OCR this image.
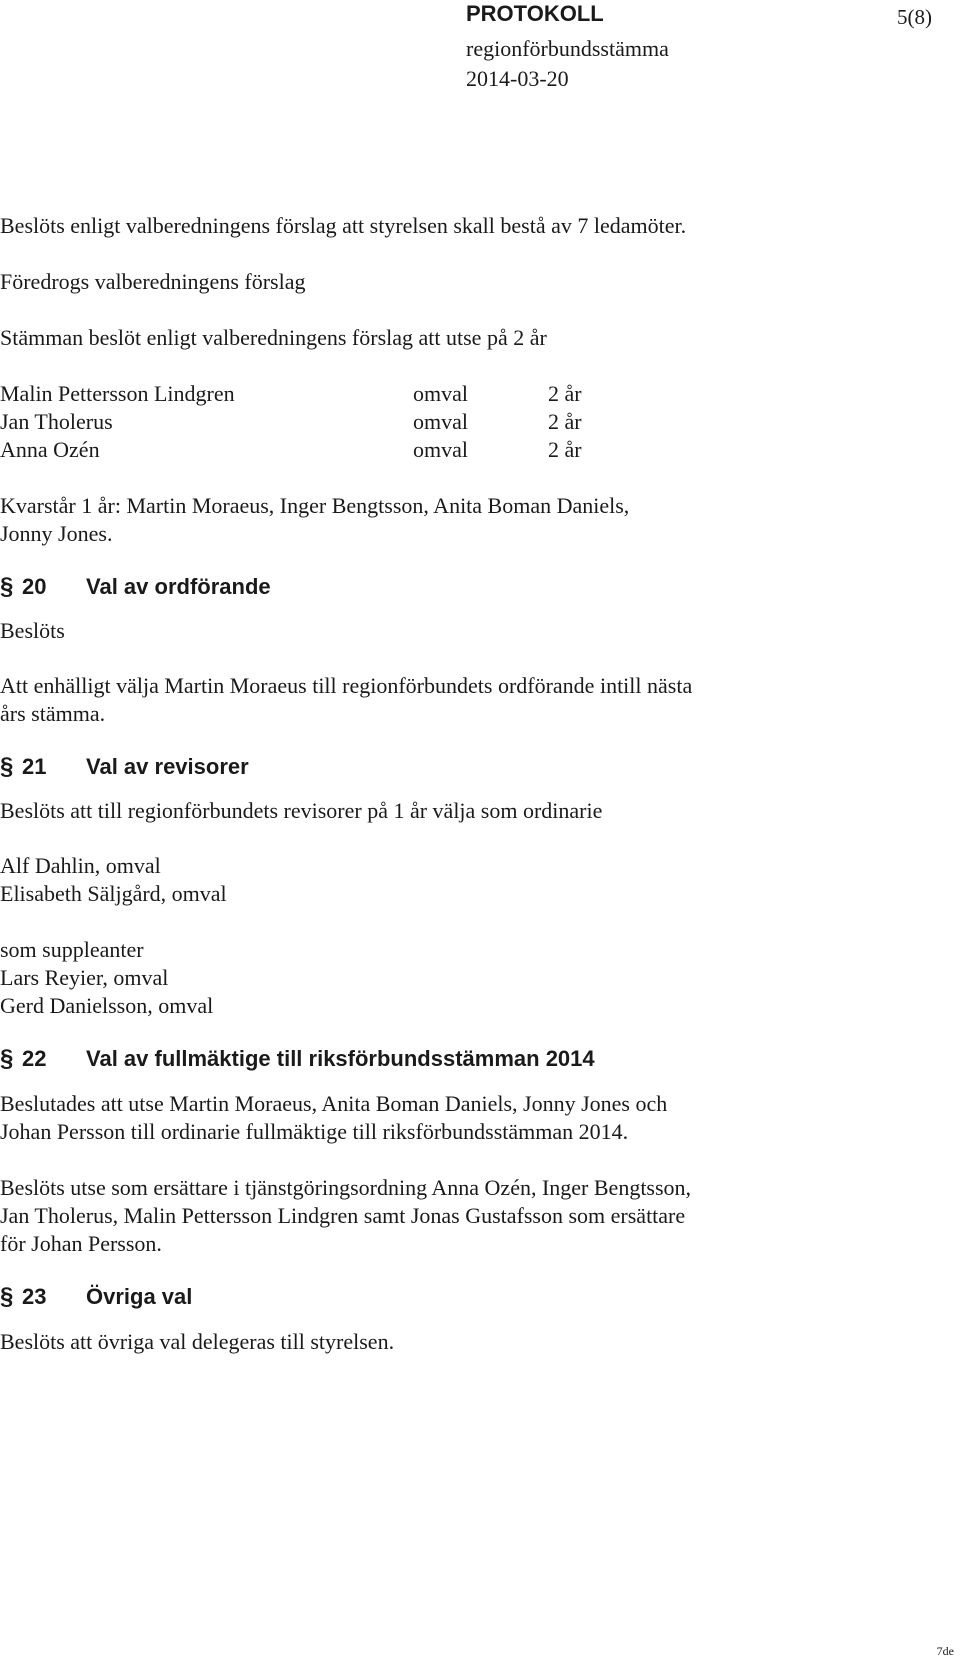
PROTOKOLL	5(8)
regionförbundsstämma
2014-03-20
Beslöts enligt valberedningens förslag att styrelsen skall bestå av 7 ledamöter.
Föredrogs valberedningens förslag
Stämman beslöt enligt valberedningens förslag att utse på 2 år
Malin Pettersson Lindgren	omval	2 år
Jan Tholerus	omval	2 år
Anna Ozén	omval	2 år
Kvarstår 1 år: Martin Moraeus, Inger Bengtsson, Anita Boman Daniels,
Jonny Jones.
§ 20 Val av ordförande
Beslöts
Att enhälligt välja Martin Moraeus till regionförbundets ordförande intill nästa
års stämma.
§ 21 Val av revisorer
Beslöts att till regionförbundets revisorer på 1 år välja som ordinarie
Alf Dahlin, omval
Elisabeth Säljgård, omval
som suppleanter
Lars Reyier, omval
Gerd Danielsson, omval
§ 22 Val av fullmäktige till riksförbundsstämman 2014
Beslutades att utse Martin Moraeus, Anita Boman Daniels, Jonny Jones och
Johan Persson till ordinarie fullmäktige till riksförbundsstämman 2014.
Beslöts utse som ersättare i tjänstgöringsordning Anna Ozén, Inger Bengtsson,
Jan Tholerus, Malin Pettersson Lindgren samt Jonas Gustafsson som ersättare
för Johan Persson.
§ 23 Övriga val
Beslöts att övriga val delegeras till styrelsen.
7de
